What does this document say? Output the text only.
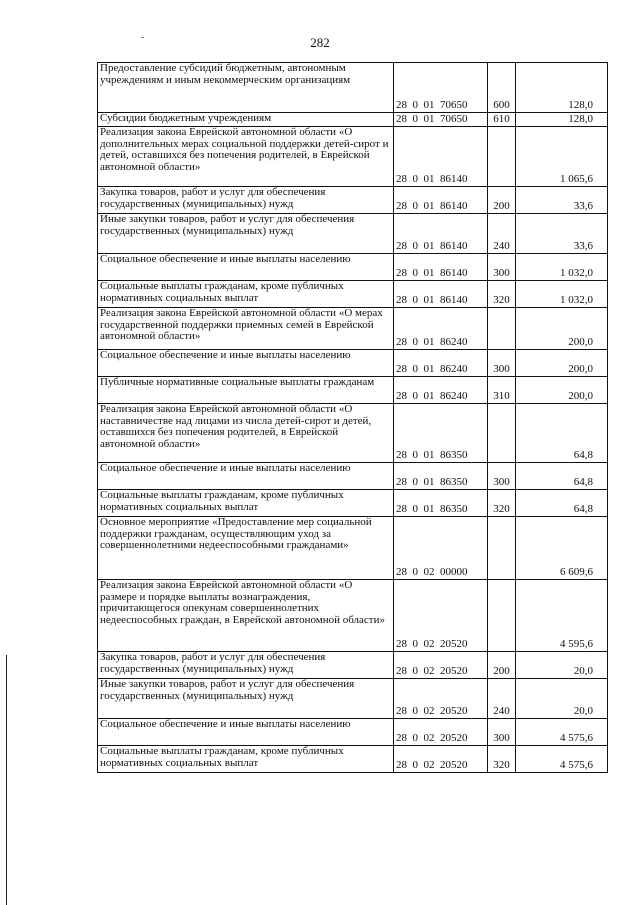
282
Предоставление субсидий бюджетным, автономным учреждениям и иным некоммерческим организациям	28  0  01  70650	600	128,0
Субсидии бюджетным учреждениям	28  0  01  70650	610	128,0
Реализация закона Еврейской автономной области «О дополнительных мерах социальной поддержки детей-сирот и детей, оставшихся без попечения родителей, в Еврейской автономной области»	28  0  01  86140		1 065,6
Закупка товаров, работ и услуг для обеспечения государственных (муниципальных) нужд	28  0  01  86140	200	33,6
Иные закупки товаров, работ и услуг для обеспечения государственных (муниципальных) нужд	28  0  01  86140	240	33,6
Социальное обеспечение и иные выплаты населению	28  0  01  86140	300	1 032,0
Социальные выплаты гражданам, кроме публичных нормативных социальных выплат	28  0  01  86140	320	1 032,0
Реализация закона Еврейской автономной области «О мерах государственной поддержки приемных семей в Еврейской автономной области»	28  0  01  86240		200,0
Социальное обеспечение и иные выплаты населению	28  0  01  86240	300	200,0
Публичные нормативные социальные выплаты гражданам	28  0  01  86240	310	200,0
Реализация закона Еврейской автономной области «О наставничестве над лицами из числа детей-сирот и детей, оставшихся без попечения родителей, в Еврейской автономной области»	28  0  01  86350		64,8
Социальное обеспечение и иные выплаты населению	28  0  01  86350	300	64,8
Социальные выплаты гражданам, кроме публичных нормативных социальных выплат	28  0  01  86350	320	64,8
Основное мероприятие «Предоставление мер социальной поддержки гражданам, осуществляющим уход за совершеннолетними недееспособными гражданами»	28  0  02  00000		6 609,6
Реализация закона Еврейской автономной области «О размере и порядке выплаты вознаграждения, причитающегося опекунам совершеннолетних недееспособных граждан, в Еврейской автономной области»	28  0  02  20520		4 595,6
Закупка товаров, работ и услуг для обеспечения государственных (муниципальных) нужд	28  0  02  20520	200	20,0
Иные закупки товаров, работ и услуг для обеспечения государственных (муниципальных) нужд	28  0  02  20520	240	20,0
Социальное обеспечение и иные выплаты населению	28  0  02  20520	300	4 575,6
Социальные выплаты гражданам, кроме публичных нормативных социальных выплат	28  0  02  20520	320	4 575,6
